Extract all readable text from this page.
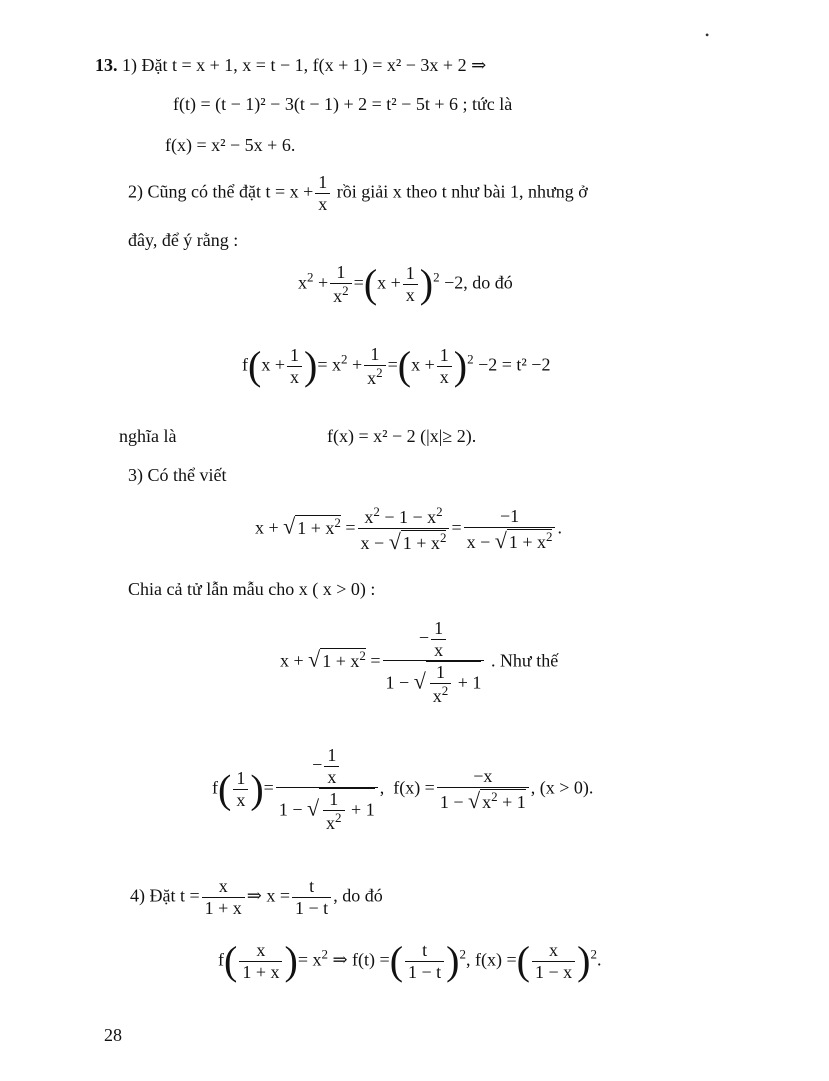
•
13. 1) Đặt t = x + 1, x = t − 1, f(x + 1) = x² − 3x + 2 ⇒
f(t) = (t − 1)² − 3(t − 1) + 2 = t² − 5t + 6 ; tức là
f(x) = x² − 5x + 6.
2) Cũng có thể đặt $t = x + \frac{1}{x}$ rồi giải x theo t như bài 1, nhưng ở
đây, để ý rằng :
$x^2 + \frac{1}{x^2} =(x + \frac{1}{x} )^2 -2$, do đó
$f(x + \frac{1}{x}$ )= $x^2 + \frac{1}{x^2} =(x + \frac{1}{x} )^2 -2 = t^2 -2$
nghĩa là	f(x) = x² − 2 (|x|≥ 2).
3) Có thể viết
x + √ $1 + x^2 = \frac{x^2 - 1 - x^2}{x - √ 1 + x^2} = \frac{-1}{x - √ 1 + x^2}$ .
Chia cả tử lẫn mẫu cho x ( x > 0) :
x + √ $1 + x^2 = \frac{- \frac{1}{x}}{1 - √ \frac{1}{x^2} + 1}$ . Như thế
$f( \frac{1}{x}$ )= $\frac{- \frac{1}{x}}{1 - √ \frac{1}{x^2} + 1}$ ,  $f(x) = \frac{-x}{1 - √ x^2 + 1}$ , (x > 0).
4) Đặt $t = \frac{x}{1 + x}$ ⇒ $x = \frac{t}{1 - t}$ , do đó
$f( \frac{x}{1 + x}$ )= $x^2$ ⇒ f(t) =( $\frac{t}{1 - t} )^2$, f(x) =( $\frac{x}{1 - x} )^2$.
28
